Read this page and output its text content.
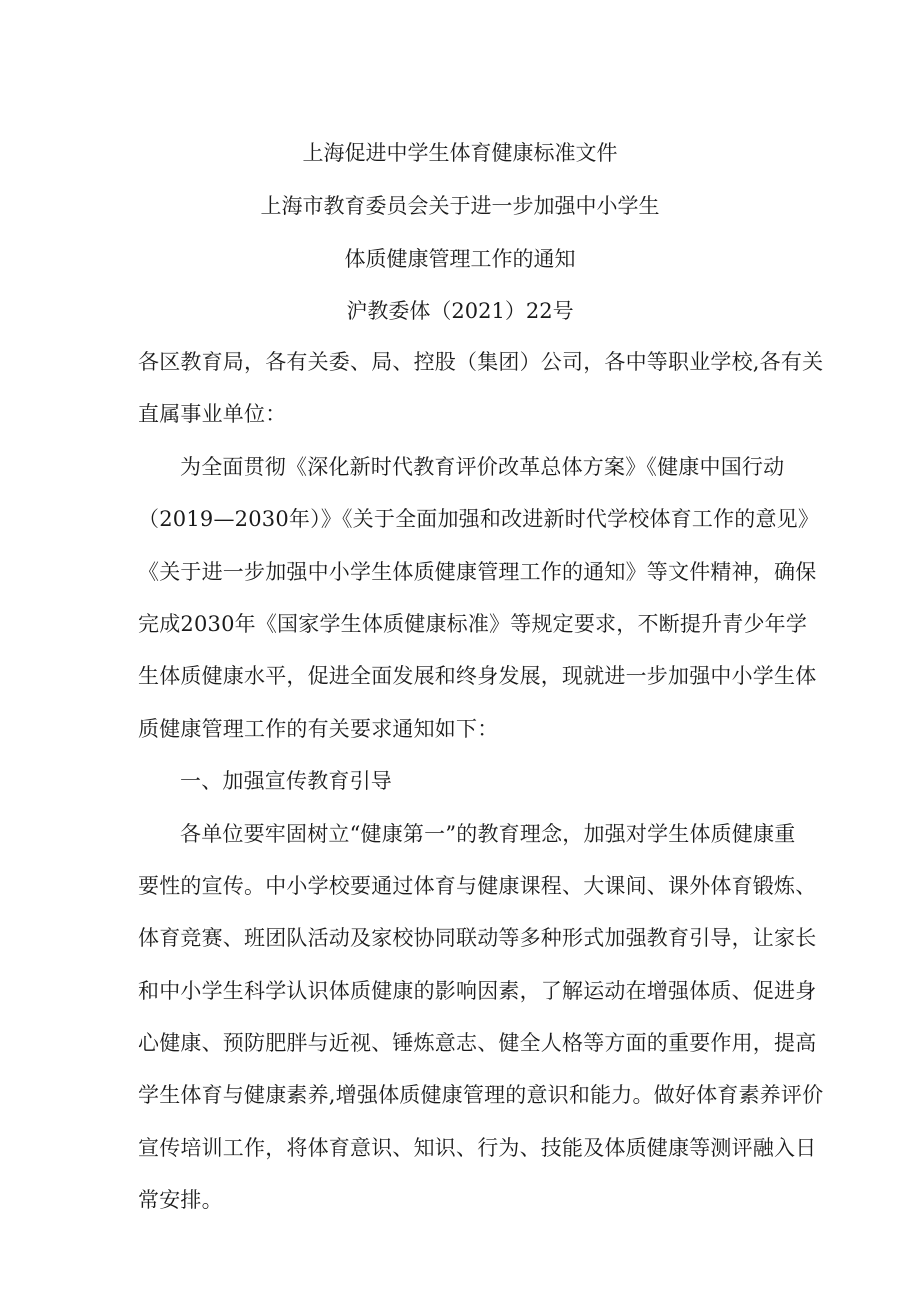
上海促进中学生体育健康标准文件
上海市教育委员会关于进一步加强中小学生
体质健康管理工作的通知
沪教委体（2021）22号
各区教育局，各有关委、局、控股（集团）公司，各中等职业学校,各有关
直属事业单位：
为全面贯彻《深化新时代教育评价改革总体方案》《健康中国行动
（2019—2030年）》《关于全面加强和改进新时代学校体育工作的意见》
《关于进一步加强中小学生体质健康管理工作的通知》等文件精神，确保
完成2030年《国家学生体质健康标准》等规定要求，不断提升青少年学
生体质健康水平，促进全面发展和终身发展，现就进一步加强中小学生体
质健康管理工作的有关要求通知如下：
一、加强宣传教育引导
各单位要牢固树立“健康第一”的教育理念，加强对学生体质健康重
要性的宣传。中小学校要通过体育与健康课程、大课间、课外体育锻炼、
体育竞赛、班团队活动及家校协同联动等多种形式加强教育引导，让家长
和中小学生科学认识体质健康的影响因素，了解运动在增强体质、促进身
心健康、预防肥胖与近视、锤炼意志、健全人格等方面的重要作用，提高
学生体育与健康素养,增强体质健康管理的意识和能力。做好体育素养评价
宣传培训工作，将体育意识、知识、行为、技能及体质健康等测评融入日
常安排。
